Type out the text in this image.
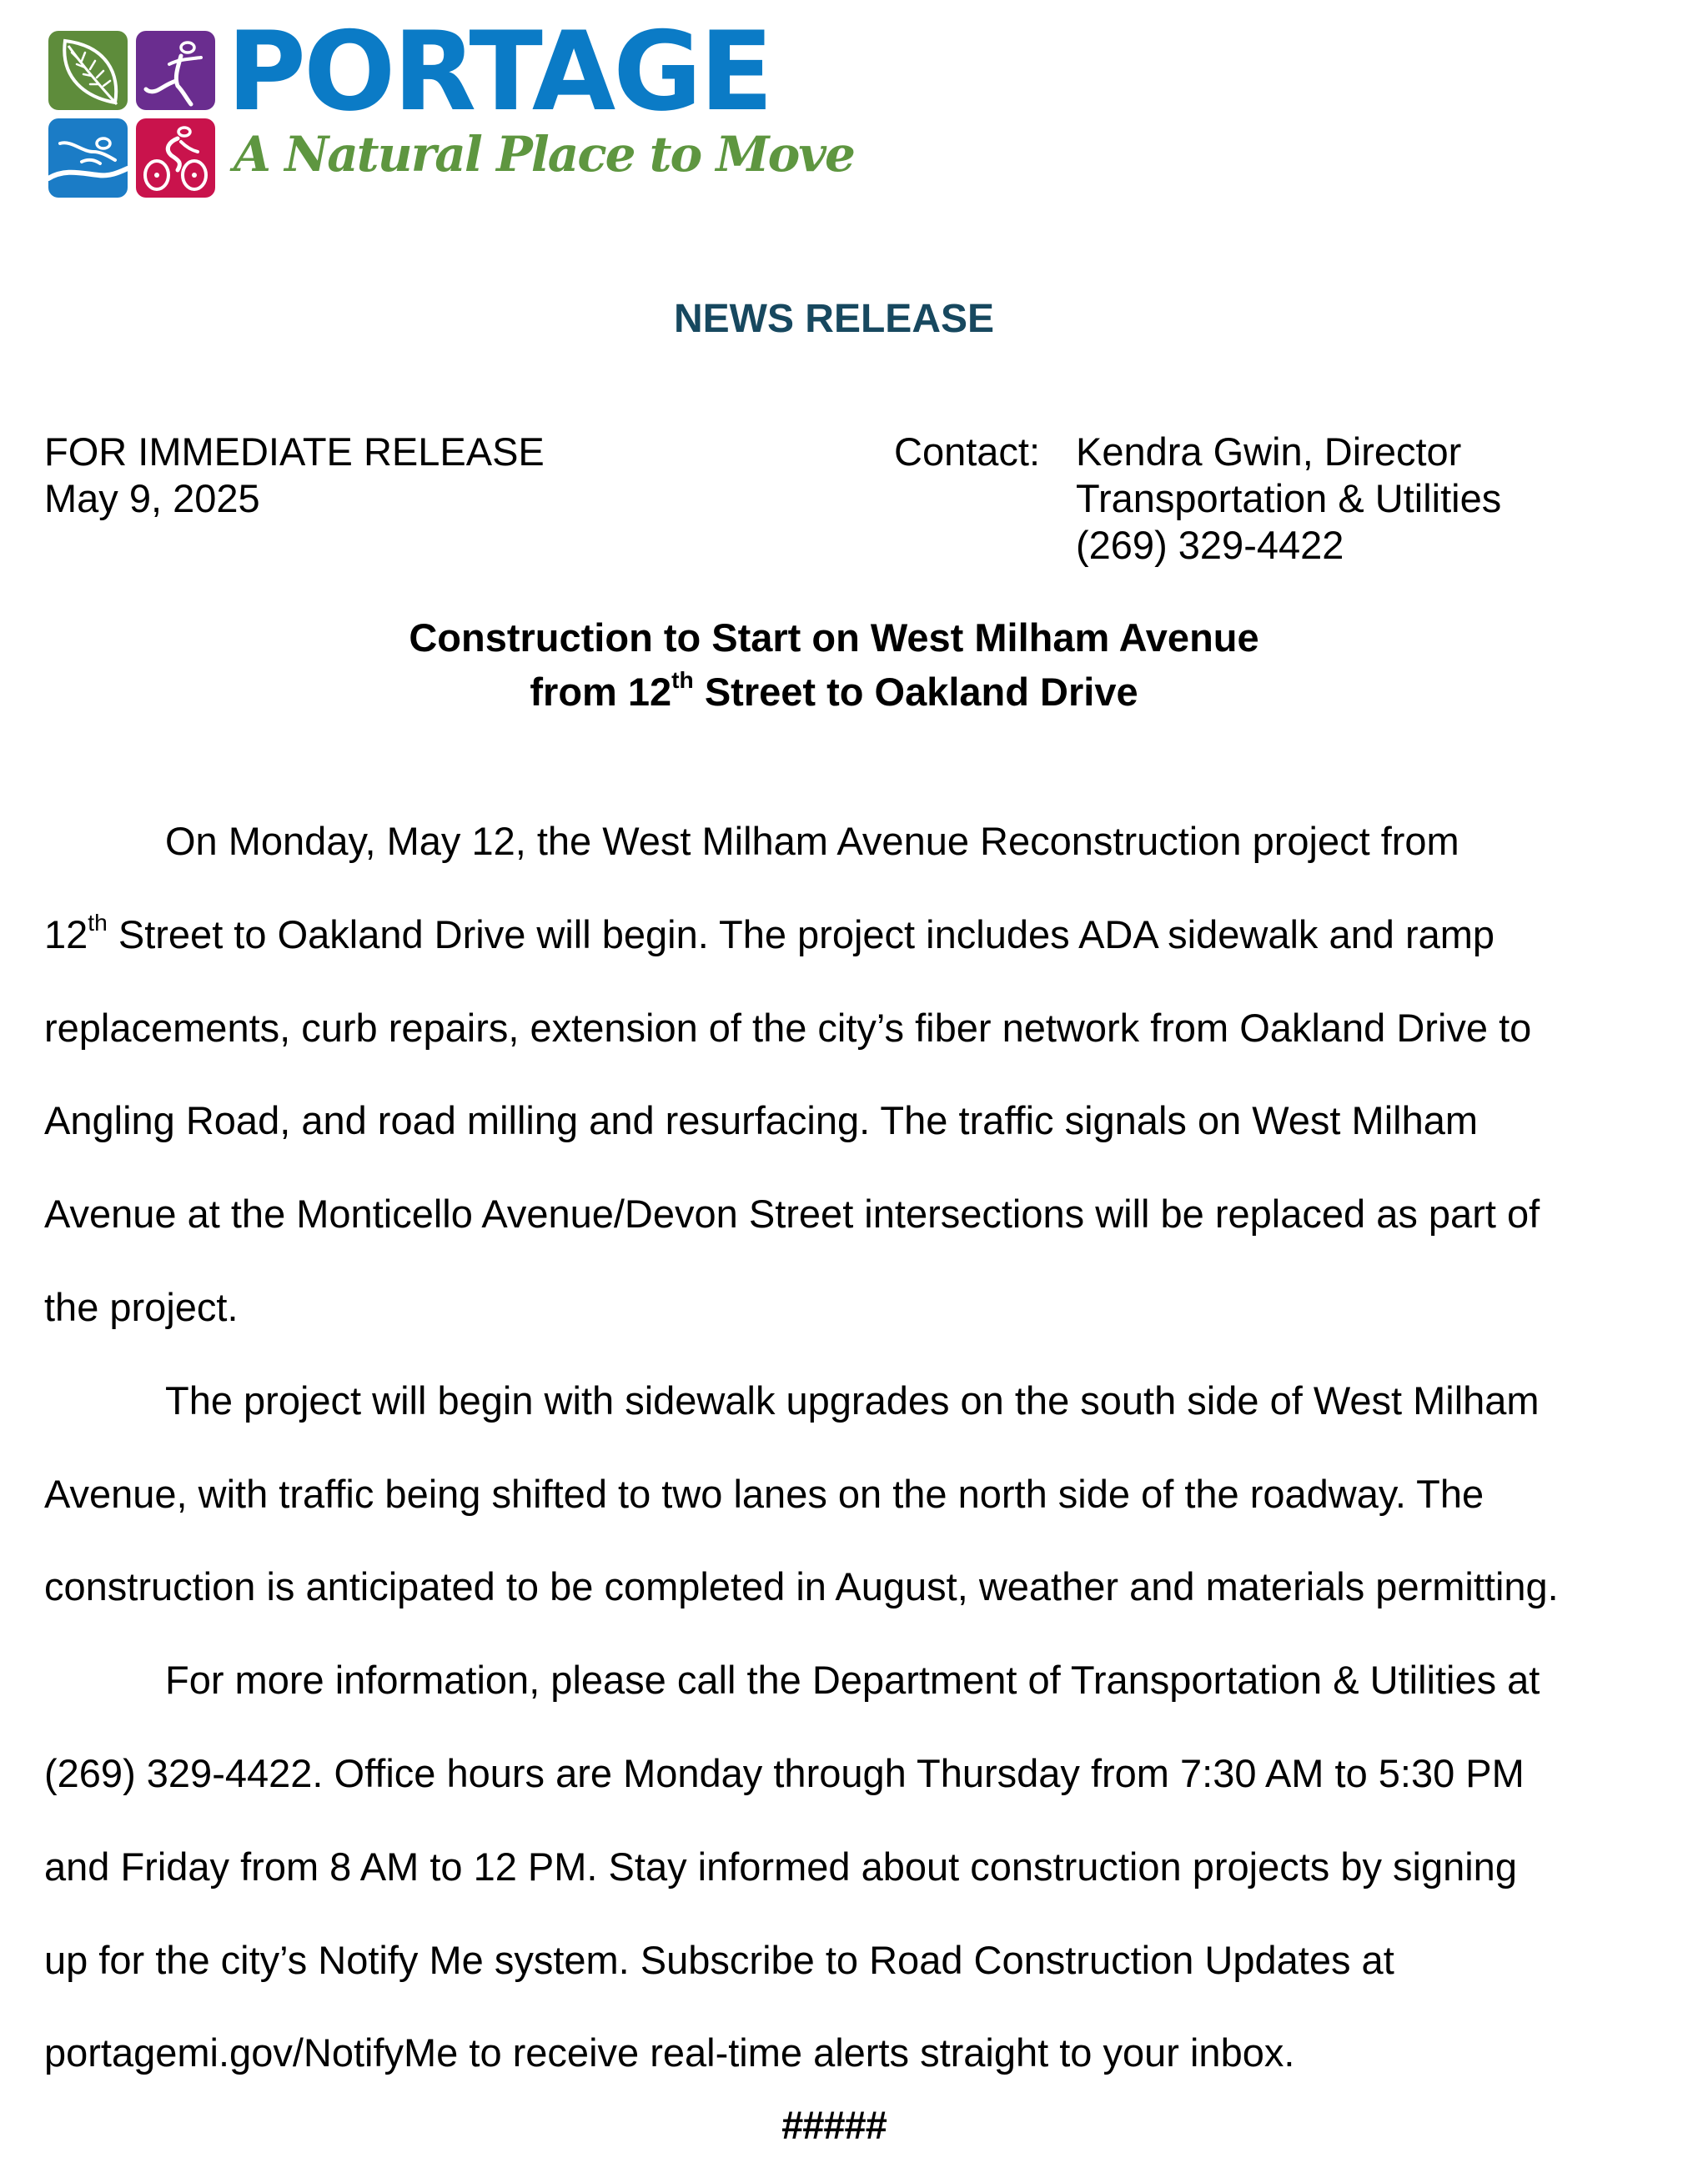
PORTAGE
A Natural Place to Move
NEWS RELEASE
FOR IMMEDIATE RELEASE
May 9, 2025
Contact: Kendra Gwin, Director
Transportation & Utilities
(269) 329-4422
Construction to Start on West Milham Avenue
from 12th Street to Oakland Drive
On Monday, May 12, the West Milham Avenue Reconstruction project from
12th Street to Oakland Drive will begin. The project includes ADA sidewalk and ramp
replacements, curb repairs, extension of the city’s fiber network from Oakland Drive to
Angling Road, and road milling and resurfacing. The traffic signals on West Milham
Avenue at the Monticello Avenue/Devon Street intersections will be replaced as part of
the project.
The project will begin with sidewalk upgrades on the south side of West Milham
Avenue, with traffic being shifted to two lanes on the north side of the roadway. The
construction is anticipated to be completed in August, weather and materials permitting.
For more information, please call the Department of Transportation & Utilities at
(269) 329-4422. Office hours are Monday through Thursday from 7:30 AM to 5:30 PM
and Friday from 8 AM to 12 PM. Stay informed about construction projects by signing
up for the city’s Notify Me system. Subscribe to Road Construction Updates at
portagemi.gov/NotifyMe to receive real-time alerts straight to your inbox.
#####
